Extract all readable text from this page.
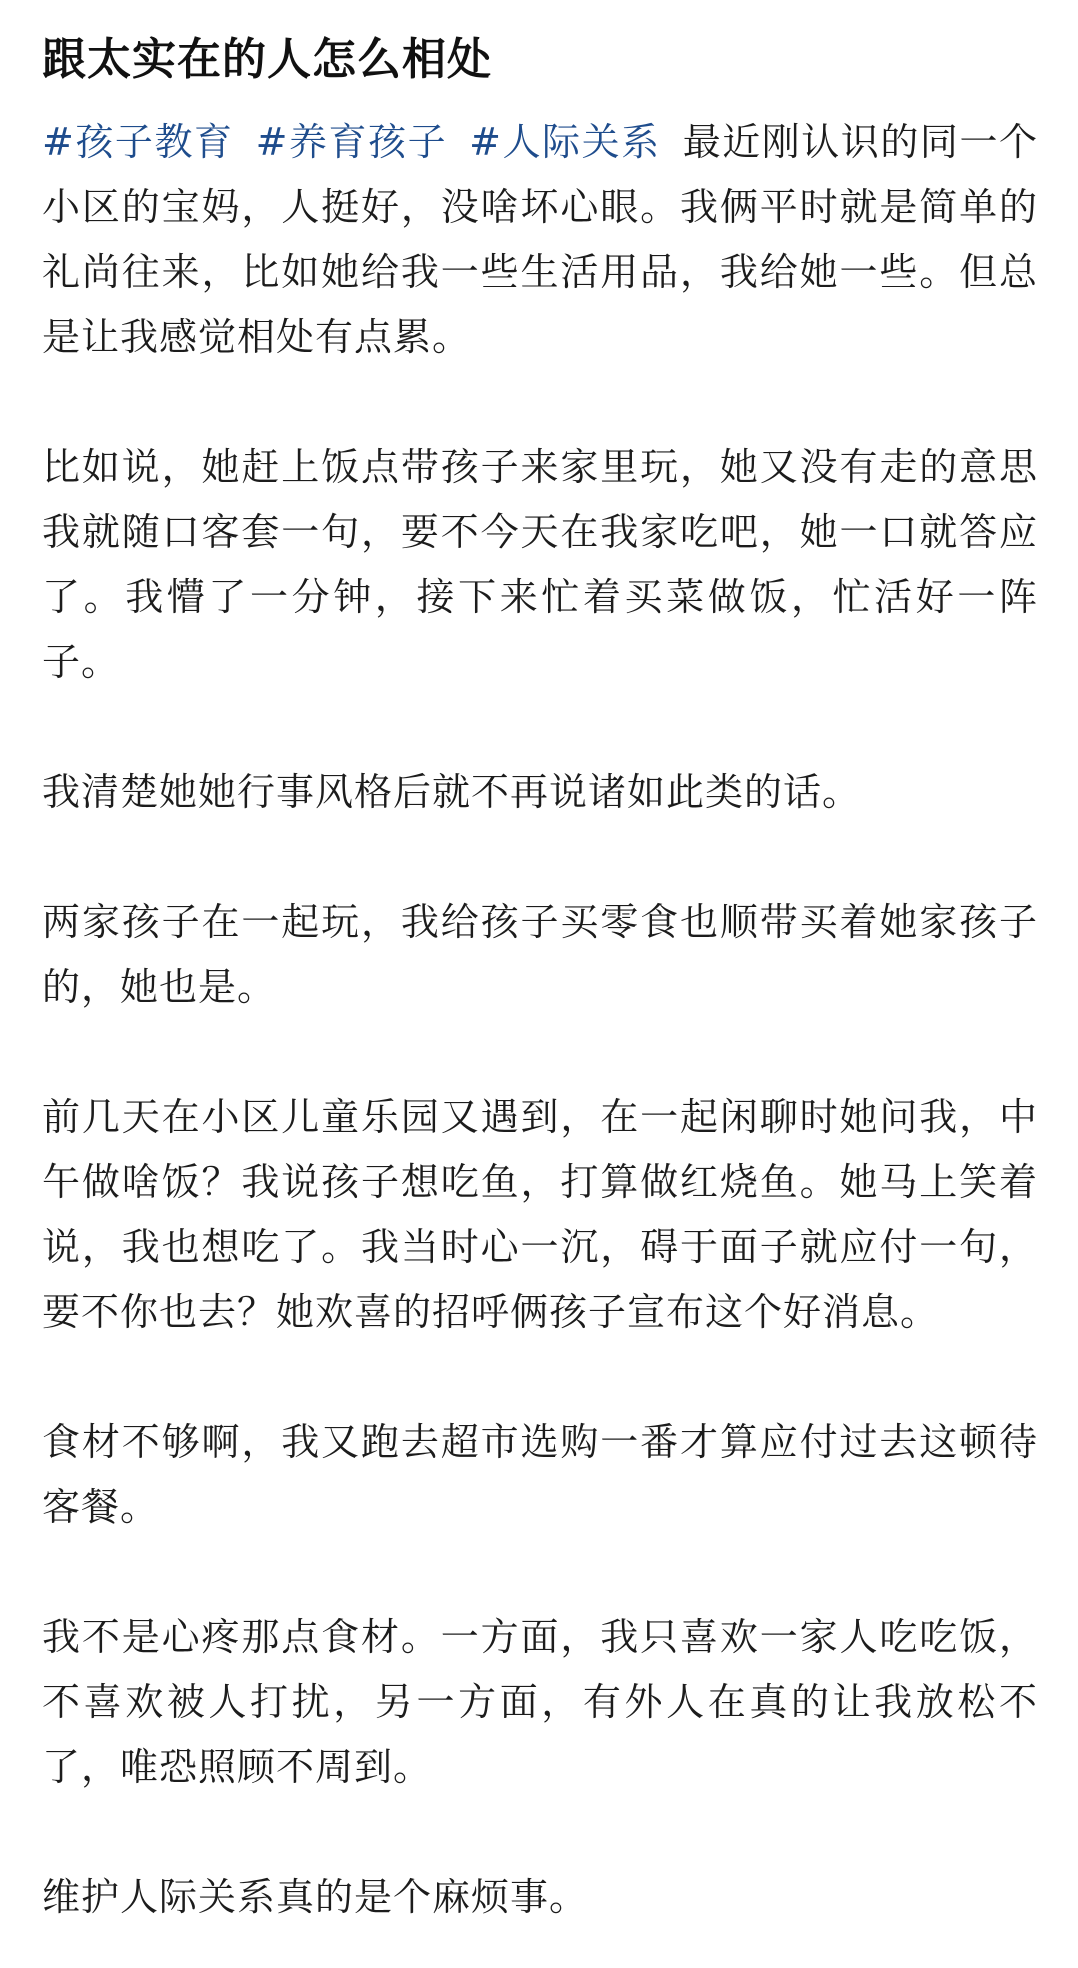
跟太实在的人怎么相处

#孩子教育 #养育孩子 #人际关系 最近刚认识的同一个小区的宝妈，人挺好，没啥坏心眼。我俩平时就是简单的礼尚往来，比如她给我一些生活用品，我给她一些。但总是让我感觉相处有点累。

比如说，她赶上饭点带孩子来家里玩，她又没有走的意思我就随口客套一句，要不今天在我家吃吧，她一口就答应了。我懵了一分钟，接下来忙着买菜做饭，忙活好一阵子。

我清楚她她行事风格后就不再说诸如此类的话。

两家孩子在一起玩，我给孩子买零食也顺带买着她家孩子的，她也是。

前几天在小区儿童乐园又遇到，在一起闲聊时她问我，中午做啥饭？我说孩子想吃鱼，打算做红烧鱼。她马上笑着说，我也想吃了。我当时心一沉，碍于面子就应付一句，要不你也去？她欢喜的招呼俩孩子宣布这个好消息。

食材不够啊，我又跑去超市选购一番才算应付过去这顿待客餐。

我不是心疼那点食材。一方面，我只喜欢一家人吃吃饭，不喜欢被人打扰，另一方面，有外人在真的让我放松不了，唯恐照顾不周到。

维护人际关系真的是个麻烦事。
